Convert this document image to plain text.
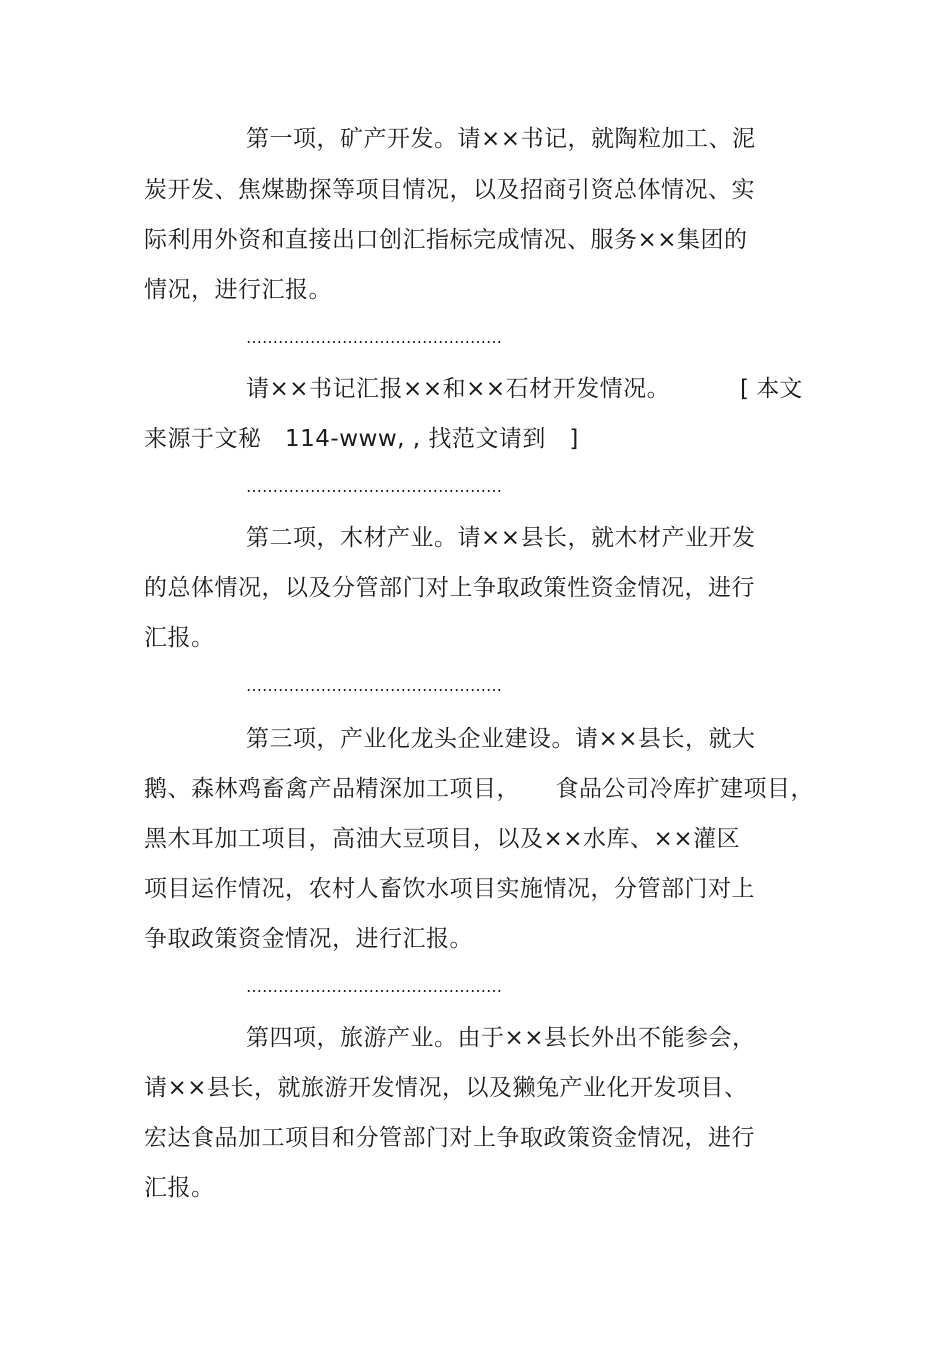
第一项，矿产开发。请××书记，就陶粒加工、泥
炭开发、焦煤勘探等项目情况，以及招商引资总体情况、实
际利用外资和直接出口创汇指标完成情况、服务××集团的
情况，进行汇报。
…………………………………………
请××书记汇报××和××石材开发情况。	[ 本文
来源于文秘　114-www, , 找范文请到　]
…………………………………………
第二项，木材产业。请××县长，就木材产业开发
的总体情况，以及分管部门对上争取政策性资金情况，进行
汇报。
…………………………………………
第三项，产业化龙头企业建设。请××县长，就大
鹅、森林鸡畜禽产品精深加工项目，　　食品公司冷库扩建项目，
黑木耳加工项目，高油大豆项目，以及××水库、××灌区
项目运作情况，农村人畜饮水项目实施情况，分管部门对上
争取政策资金情况，进行汇报。
…………………………………………
第四项，旅游产业。由于××县长外出不能参会，
请××县长，就旅游开发情况，以及獭兔产业化开发项目、
宏达食品加工项目和分管部门对上争取政策资金情况，进行
汇报。
